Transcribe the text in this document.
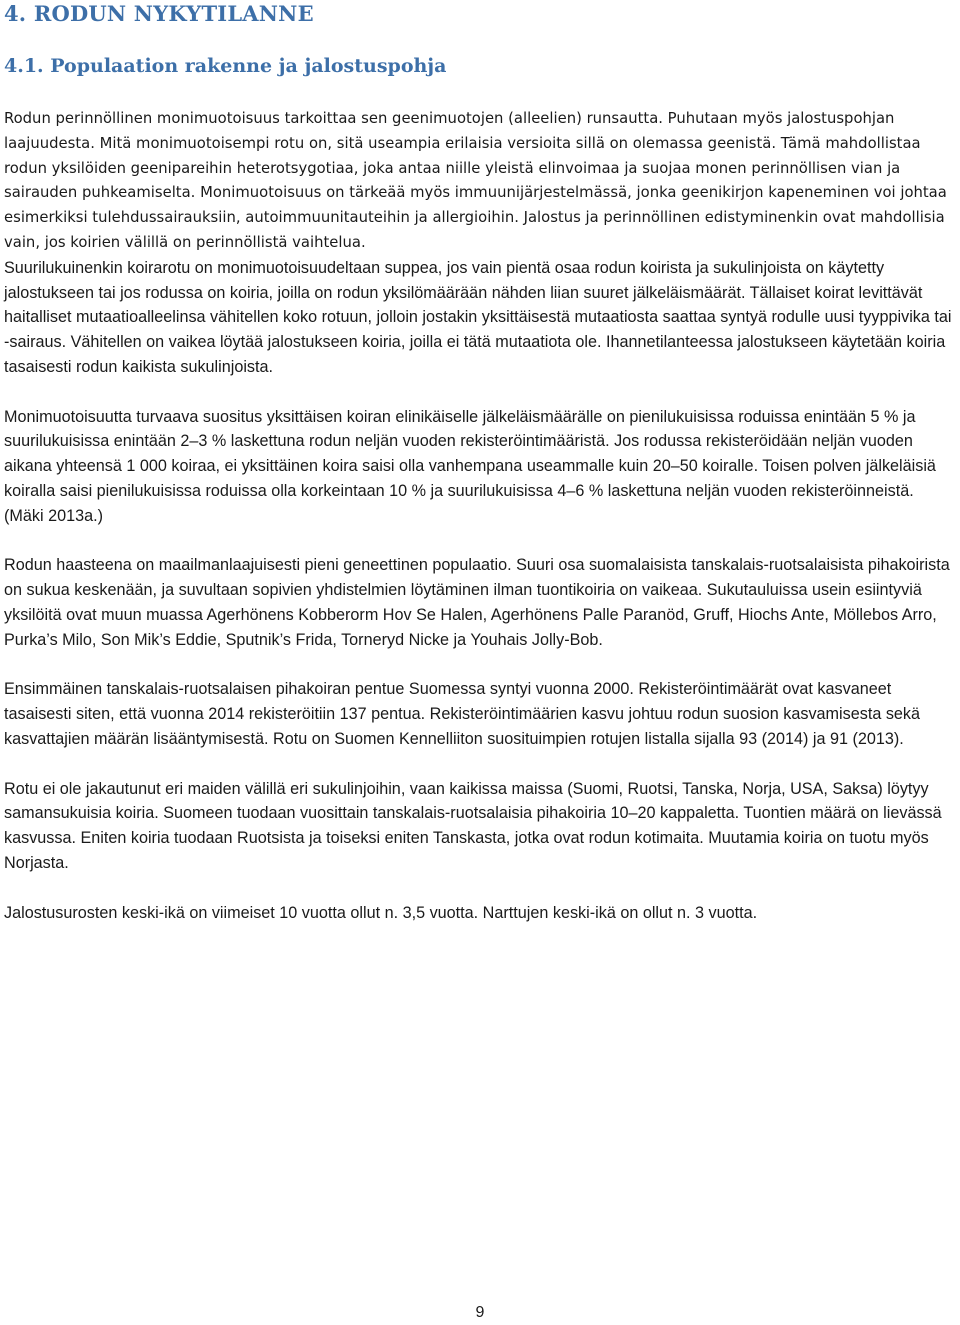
4. RODUN NYKYTILANNE
4.1. Populaation rakenne ja jalostuspohja

Rodun perinnöllinen monimuotoisuus tarkoittaa sen geenimuotojen (alleelien) runsautta. Puhutaan myös jalostuspohjan laajuudesta. Mitä monimuotoisempi rotu on, sitä useampia erilaisia versioita sillä on olemassa geenistä. Tämä mahdollistaa rodun yksilöiden geenipareihin heterotsygotiaa, joka antaa niille yleistä elinvoimaa ja suojaa monen perinnöllisen vian ja sairauden puhkeamiselta. Monimuotoisuus on tärkeää myös immuunijärjestelmässä, jonka geenikirjon kapeneminen voi johtaa esimerkiksi tulehdussairauksiin, autoimmuunitauteihin ja allergioihin. Jalostus ja perinnöllinen edistyminenkin ovat mahdollisia vain, jos koirien välillä on perinnöllistä vaihtelua.

Suurilukuinenkin koirarotu on monimuotoisuudeltaan suppea, jos vain pientä osaa rodun koirista ja sukulinjoista on käytetty jalostukseen tai jos rodussa on koiria, joilla on rodun yksilömäärään nähden liian suuret jälkeläismäärät. Tällaiset koirat levittävät haitalliset mutaatioalleelinsa vähitellen koko rotuun, jolloin jostakin yksittäisestä mutaatiosta saattaa syntyä rodulle uusi tyyppivika tai -sairaus. Vähitellen on vaikea löytää jalostukseen koiria, joilla ei tätä mutaatiota ole. Ihannetilanteessa jalostukseen käytetään koiria tasaisesti rodun kaikista sukulinjoista.

Monimuotoisuutta turvaava suositus yksittäisen koiran elinikäiselle jälkeläismäärälle on pienilukuisissa roduissa enintään 5 % ja suurilukuisissa enintään 2–3 % laskettuna rodun neljän vuoden rekisteröintimääristä. Jos rodussa rekisteröidään neljän vuoden aikana yhteensä 1 000 koiraa, ei yksittäinen koira saisi olla vanhempana useammalle kuin 20–50 koiralle. Toisen polven jälkeläisiä koiralla saisi pienilukuisissa roduissa olla korkeintaan 10 % ja suurilukuisissa 4–6 % laskettuna neljän vuoden rekisteröinneistä. (Mäki 2013a.)

Rodun haasteena on maailmanlaajuisesti pieni geneettinen populaatio. Suuri osa suomalaisista tanskalais-ruotsalaisista pihakoirista on sukua keskenään, ja suvultaan sopivien yhdistelmien löytäminen ilman tuontikoiria on vaikeaa. Sukutauluissa usein esiintyviä yksilöitä ovat muun muassa Agerhönens Kobberorm Hov Se Halen, Agerhönens Palle Paranöd, Gruff, Hiochs Ante, Möllebos Arro, Purka’s Milo, Son Mik’s Eddie, Sputnik’s Frida, Torneryd Nicke ja Youhais Jolly-Bob.

Ensimmäinen tanskalais-ruotsalaisen pihakoiran pentue Suomessa syntyi vuonna 2000. Rekisteröintimäärät ovat kasvaneet tasaisesti siten, että vuonna 2014 rekisteröitiin 137 pentua. Rekisteröintimäärien kasvu johtuu rodun suosion kasvamisesta sekä kasvattajien määrän lisääntymisestä. Rotu on Suomen Kennelliiton suosituimpien rotujen listalla sijalla 93 (2014) ja 91 (2013).

Rotu ei ole jakautunut eri maiden välillä eri sukulinjoihin, vaan kaikissa maissa (Suomi, Ruotsi, Tanska, Norja, USA, Saksa) löytyy samansukuisia koiria. Suomeen tuodaan vuosittain tanskalais-ruotsalaisia pihakoiria 10–20 kappaletta. Tuontien määrä on lievässä kasvussa. Eniten koiria tuodaan Ruotsista ja toiseksi eniten Tanskasta, jotka ovat rodun kotimaita. Muutamia koiria on tuotu myös Norjasta.

Jalostusurosten keski-ikä on viimeiset 10 vuotta ollut n. 3,5 vuotta. Narttujen keski-ikä on ollut n. 3 vuotta.

9
